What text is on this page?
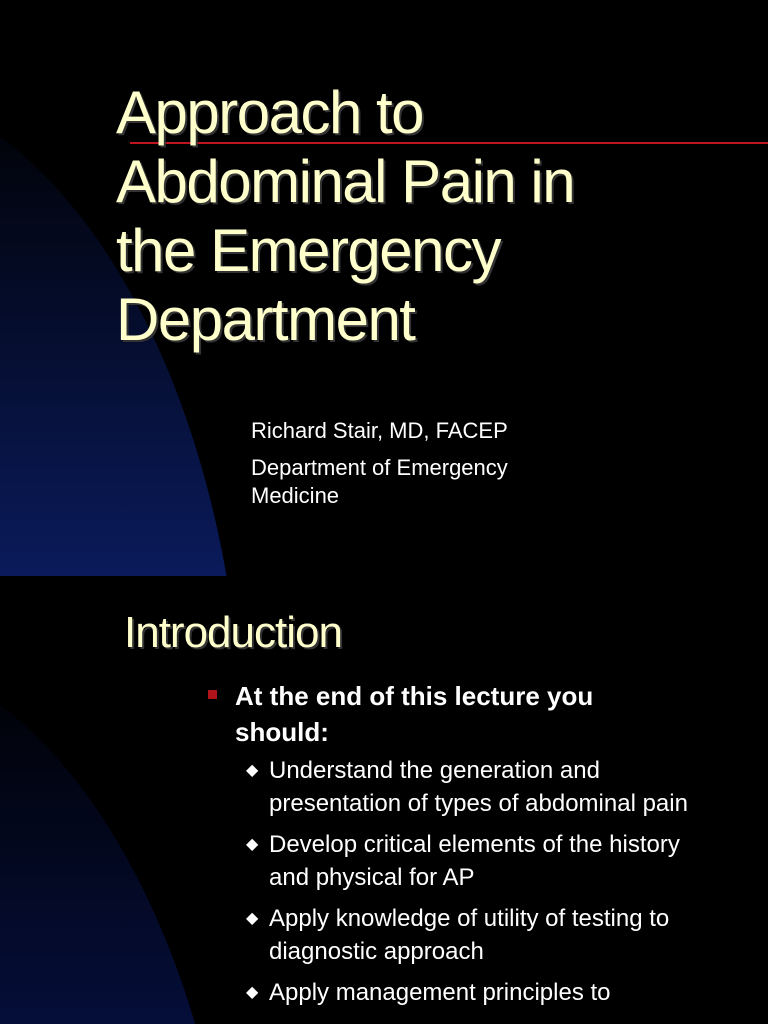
Approach to
Abdominal Pain in
the Emergency
Department
Richard Stair, MD, FACEP
Department of Emergency
Medicine
Introduction
At the end of this lecture you should:
◆ Understand the generation and presentation of types of abdominal pain
◆ Develop critical elements of the history and physical for AP
◆ Apply knowledge of utility of testing to diagnostic approach
◆ Apply management principles to
